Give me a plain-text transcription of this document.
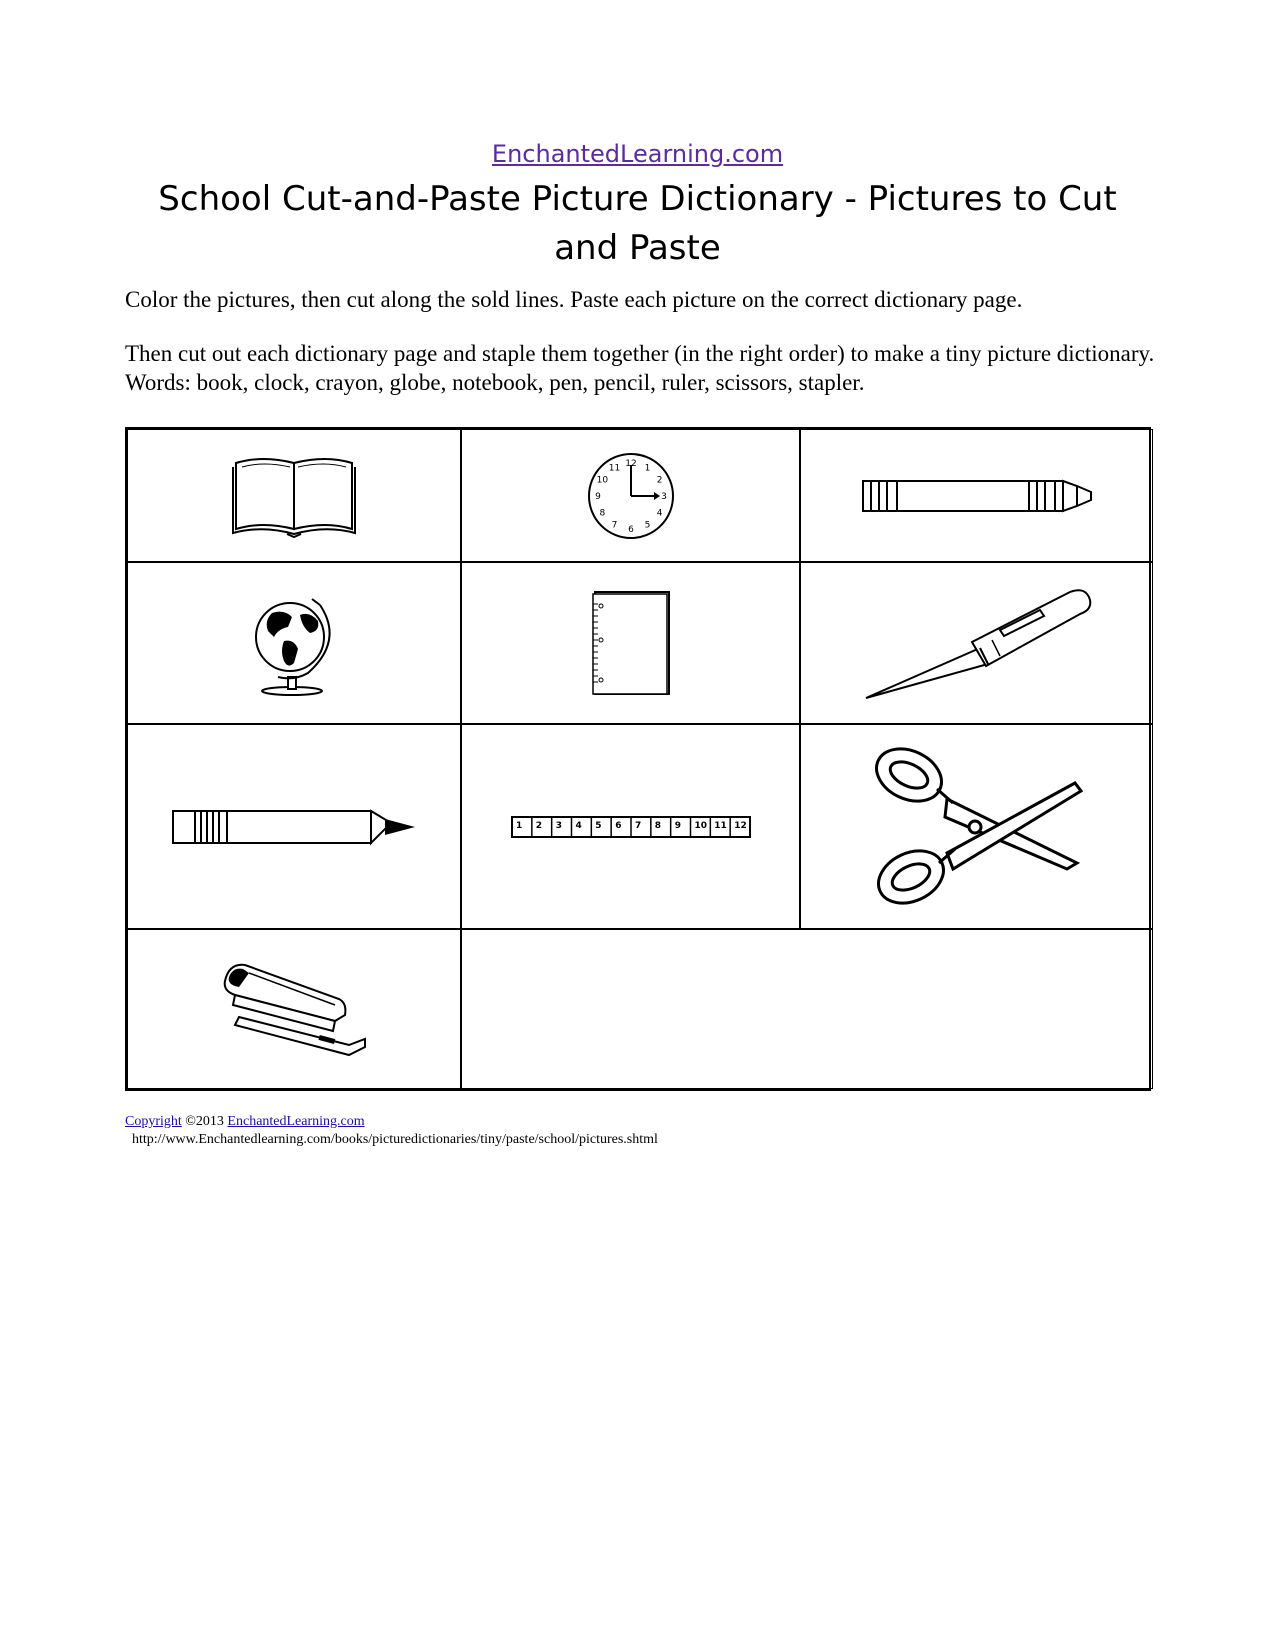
EnchantedLearning.com
School Cut-and-Paste Picture Dictionary - Pictures to Cut and Paste

Color the pictures, then cut along the sold lines. Paste each picture on the correct dictionary page.

Then cut out each dictionary page and staple them together (in the right order) to make a tiny picture dictionary. Words: book, clock, crayon, globe, notebook, pen, pencil, ruler, scissors, stapler.

12 1
2
3
4
5
6
7
8
9
10
11
1 2 3 4 5 6 7 8 9 10 11 12
Copyright ©2013 EnchantedLearning.com
http://www.Enchantedlearning.com/books/picturedictionaries/tiny/paste/school/pictures.shtml
